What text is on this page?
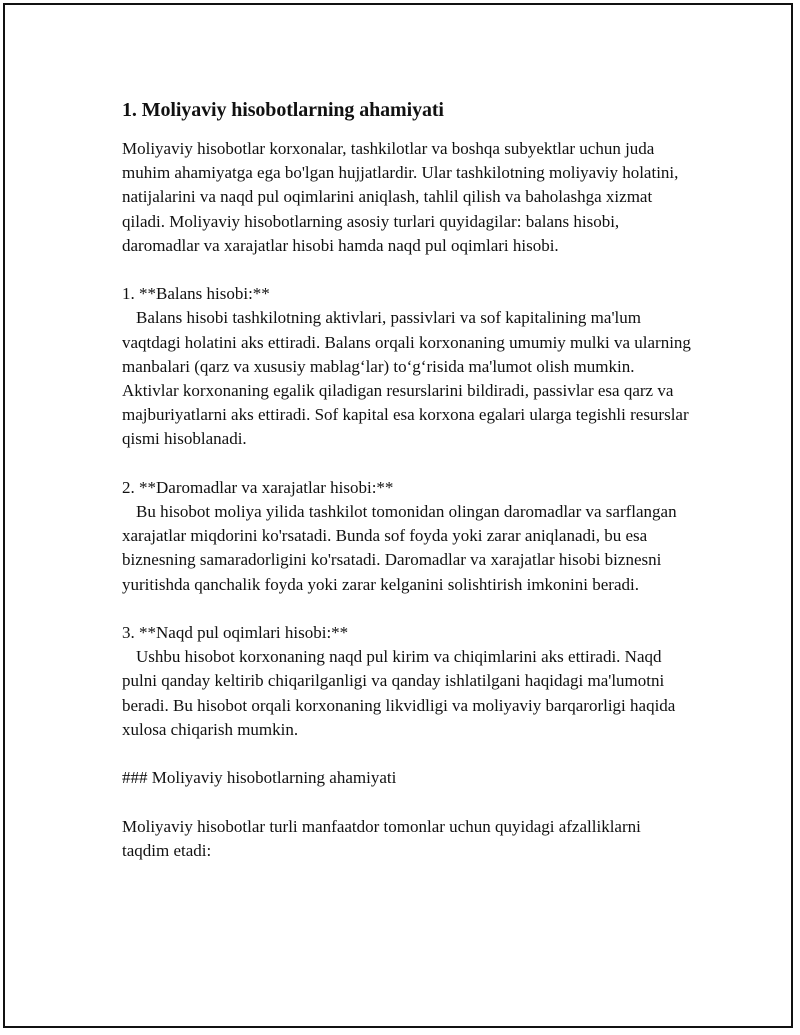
1. Moliyaviy hisobotlarning ahamiyati

Moliyaviy hisobotlar korxonalar, tashkilotlar va boshqa subyektlar uchun juda muhim ahamiyatga ega bo'lgan hujjatlardir. Ular tashkilotning moliyaviy holatini, natijalarini va naqd pul oqimlarini aniqlash, tahlil qilish va baholashga xizmat qiladi. Moliyaviy hisobotlarning asosiy turlari quyidagilar: balans hisobi, daromadlar va xarajatlar hisobi hamda naqd pul oqimlari hisobi.

1. **Balans hisobi:**

Balans hisobi tashkilotning aktivlari, passivlari va sof kapitalining ma'lum vaqtdagi holatini aks ettiradi. Balans orqali korxonaning umumiy mulki va ularning manbalari (qarz va xususiy mablag‘lar) to‘g‘risida ma'lumot olish mumkin. Aktivlar korxonaning egalik qiladigan resurslarini bildiradi, passivlar esa qarz va majburiyatlarni aks ettiradi. Sof kapital esa korxona egalari ularga tegishli resurslar qismi hisoblanadi.

2. **Daromadlar va xarajatlar hisobi:**

Bu hisobot moliya yilida tashkilot tomonidan olingan daromadlar va sarflangan xarajatlar miqdorini ko'rsatadi. Bunda sof foyda yoki zarar aniqlanadi, bu esa biznesning samaradorligini ko'rsatadi. Daromadlar va xarajatlar hisobi biznesni yuritishda qanchalik foyda yoki zarar kelganini solishtirish imkonini beradi.

3. **Naqd pul oqimlari hisobi:**

Ushbu hisobot korxonaning naqd pul kirim va chiqimlarini aks ettiradi. Naqd pulni qanday keltirib chiqarilganligi va qanday ishlatilgani haqidagi ma'lumotni beradi. Bu hisobot orqali korxonaning likvidligi va moliyaviy barqarorligi haqida xulosa chiqarish mumkin.

### Moliyaviy hisobotlarning ahamiyati

Moliyaviy hisobotlar turli manfaatdor tomonlar uchun quyidagi afzalliklarni taqdim etadi:
